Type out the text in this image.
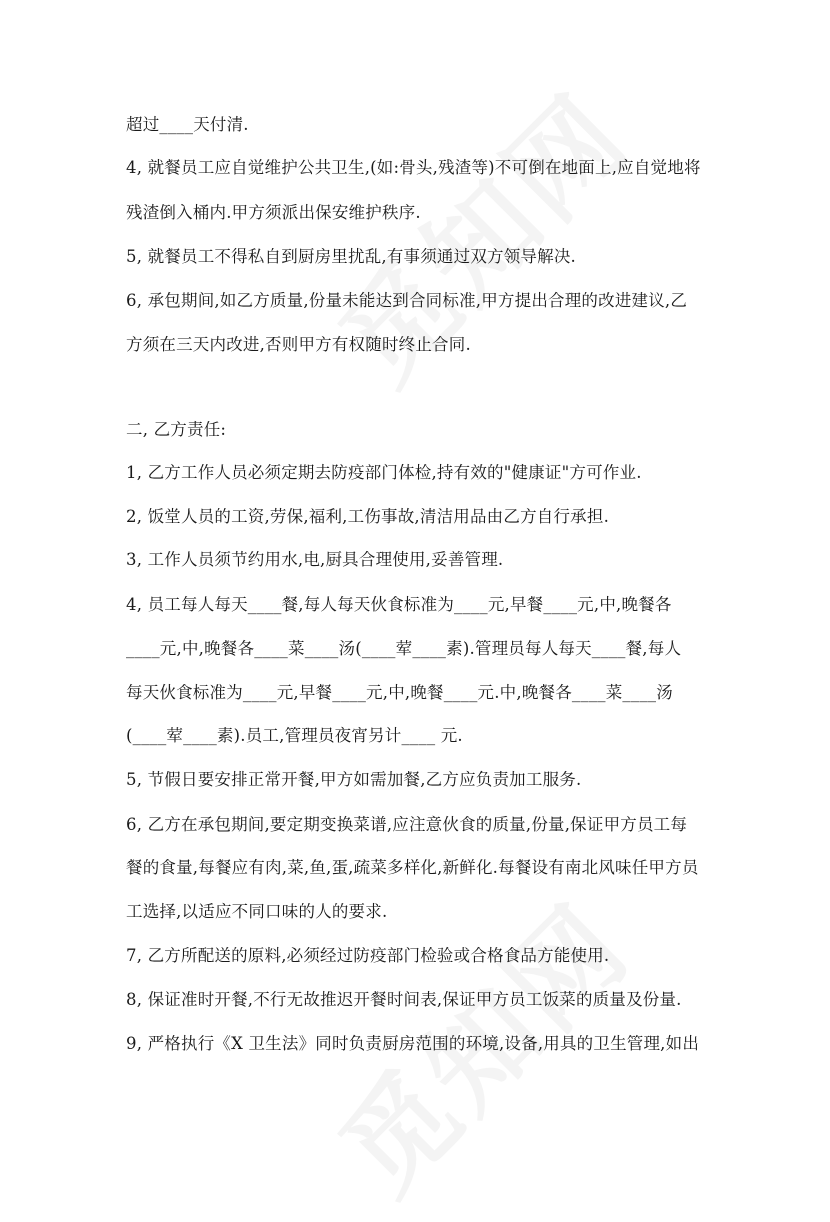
超过____天付清.
4, 就餐员工应自觉维护公共卫生,(如:骨头,残渣等)不可倒在地面上,应自觉地将
残渣倒入桶内.甲方须派出保安维护秩序.
5, 就餐员工不得私自到厨房里扰乱,有事须通过双方领导解决.
6, 承包期间,如乙方质量,份量未能达到合同标准,甲方提出合理的改进建议,乙
方须在三天内改进,否则甲方有权随时终止合同.
二, 乙方责任:
1, 乙方工作人员必须定期去防疫部门体检,持有效的"健康证"方可作业.
2, 饭堂人员的工资,劳保,福利,工伤事故,清洁用品由乙方自行承担.
3, 工作人员须节约用水,电,厨具合理使用,妥善管理.
4, 员工每人每天____餐,每人每天伙食标准为____元,早餐____元,中,晚餐各
____元,中,晚餐各____菜____汤(____荤____素).管理员每人每天____餐,每人
每天伙食标准为____元,早餐____元,中,晚餐____元.中,晚餐各____菜____汤
(____荤____素).员工,管理员夜宵另计____ 元.
5, 节假日要安排正常开餐,甲方如需加餐,乙方应负责加工服务.
6, 乙方在承包期间,要定期变换菜谱,应注意伙食的质量,份量,保证甲方员工每
餐的食量,每餐应有肉,菜,鱼,蛋,疏菜多样化,新鲜化.每餐设有南北风味任甲方员
工选择,以适应不同口味的人的要求.
7, 乙方所配送的原料,必须经过防疫部门检验或合格食品方能使用.
8, 保证准时开餐,不行无故推迟开餐时间表,保证甲方员工饭菜的质量及份量.
9, 严格执行《X 卫生法》同时负责厨房范围的环境,设备,用具的卫生管理,如出
